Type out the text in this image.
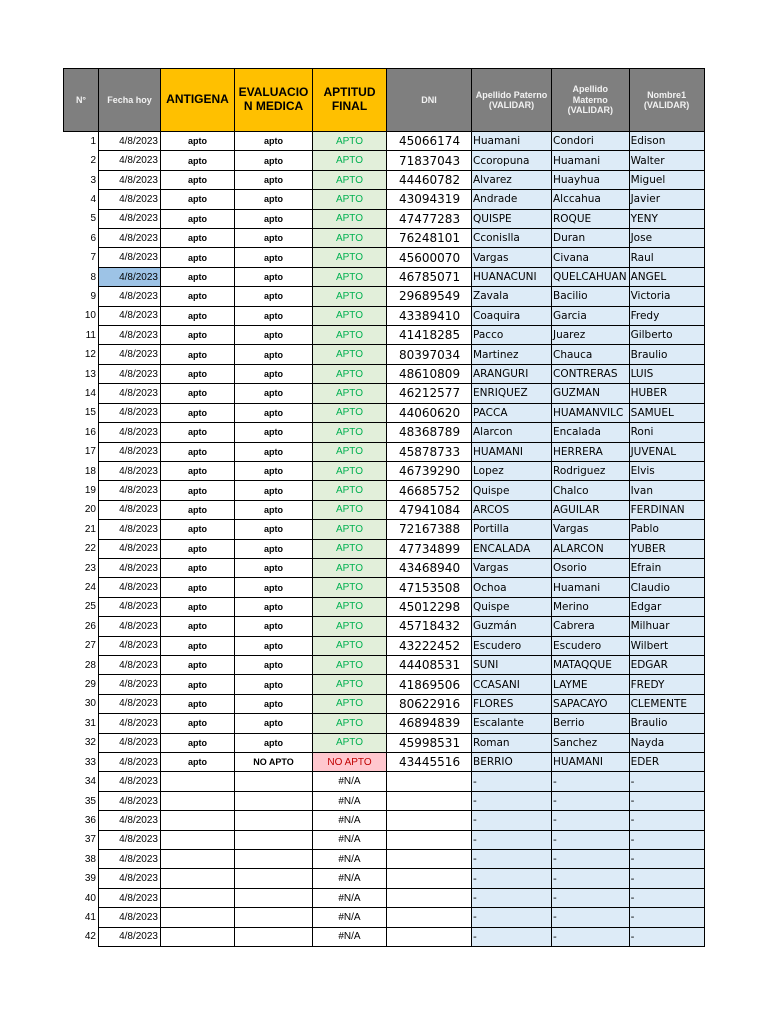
N°	Fecha hoy	ANTIGENA	EVALUACIO N MEDICA	APTITUD FINAL	DNI	Apellido Paterno (VALIDAR)	Apellido Materno (VALIDAR)	Nombre1 (VALIDAR)
1	4/8/2023	apto	apto	APTO	45066174	Huamani	Condori	Edison
2	4/8/2023	apto	apto	APTO	71837043	Ccoropuna	Huamani	Walter
3	4/8/2023	apto	apto	APTO	44460782	Alvarez	Huayhua	Miguel
4	4/8/2023	apto	apto	APTO	43094319	Andrade	Alccahua	Javier
5	4/8/2023	apto	apto	APTO	47477283	QUISPE	ROQUE	YENY
6	4/8/2023	apto	apto	APTO	76248101	Cconislla	Duran	Jose
7	4/8/2023	apto	apto	APTO	45600070	Vargas	Civana	Raul
8	4/8/2023	apto	apto	APTO	46785071	HUANACUNI	QUELCAHUAN	ANGEL
9	4/8/2023	apto	apto	APTO	29689549	Zavala	Bacilio	Victoria
10	4/8/2023	apto	apto	APTO	43389410	Coaquira	Garcia	Fredy
11	4/8/2023	apto	apto	APTO	41418285	Pacco	Juarez	Gilberto
12	4/8/2023	apto	apto	APTO	80397034	Martinez	Chauca	Braulio
13	4/8/2023	apto	apto	APTO	48610809	ARANGURI	CONTRERAS	LUIS
14	4/8/2023	apto	apto	APTO	46212577	ENRIQUEZ	GUZMAN	HUBER
15	4/8/2023	apto	apto	APTO	44060620	PACCA	HUAMANVILC	SAMUEL
16	4/8/2023	apto	apto	APTO	48368789	Alarcon	Encalada	Roni
17	4/8/2023	apto	apto	APTO	45878733	HUAMANI	HERRERA	JUVENAL
18	4/8/2023	apto	apto	APTO	46739290	Lopez	Rodriguez	Elvis
19	4/8/2023	apto	apto	APTO	46685752	Quispe	Chalco	Ivan
20	4/8/2023	apto	apto	APTO	47941084	ARCOS	AGUILAR	FERDINAN
21	4/8/2023	apto	apto	APTO	72167388	Portilla	Vargas	Pablo
22	4/8/2023	apto	apto	APTO	47734899	ENCALADA	ALARCON	YUBER
23	4/8/2023	apto	apto	APTO	43468940	Vargas	Osorio	Efrain
24	4/8/2023	apto	apto	APTO	47153508	Ochoa	Huamani	Claudio
25	4/8/2023	apto	apto	APTO	45012298	Quispe	Merino	Edgar
26	4/8/2023	apto	apto	APTO	45718432	Guzmán	Cabrera	Milhuar
27	4/8/2023	apto	apto	APTO	43222452	Escudero	Escudero	Wilbert
28	4/8/2023	apto	apto	APTO	44408531	SUNI	MATAQQUE	EDGAR
29	4/8/2023	apto	apto	APTO	41869506	CCASANI	LAYME	FREDY
30	4/8/2023	apto	apto	APTO	80622916	FLORES	SAPACAYO	CLEMENTE
31	4/8/2023	apto	apto	APTO	46894839	Escalante	Berrio	Braulio
32	4/8/2023	apto	apto	APTO	45998531	Roman	Sanchez	Nayda
33	4/8/2023	apto	NO APTO	NO APTO	43445516	BERRIO	HUAMANI	EDER
34	4/8/2023			#N/A		-	-	-
35	4/8/2023			#N/A		-	-	-
36	4/8/2023			#N/A		-	-	-
37	4/8/2023			#N/A		-	-	-
38	4/8/2023			#N/A		-	-	-
39	4/8/2023			#N/A		-	-	-
40	4/8/2023			#N/A		-	-	-
41	4/8/2023			#N/A		-	-	-
42	4/8/2023			#N/A		-	-	-
